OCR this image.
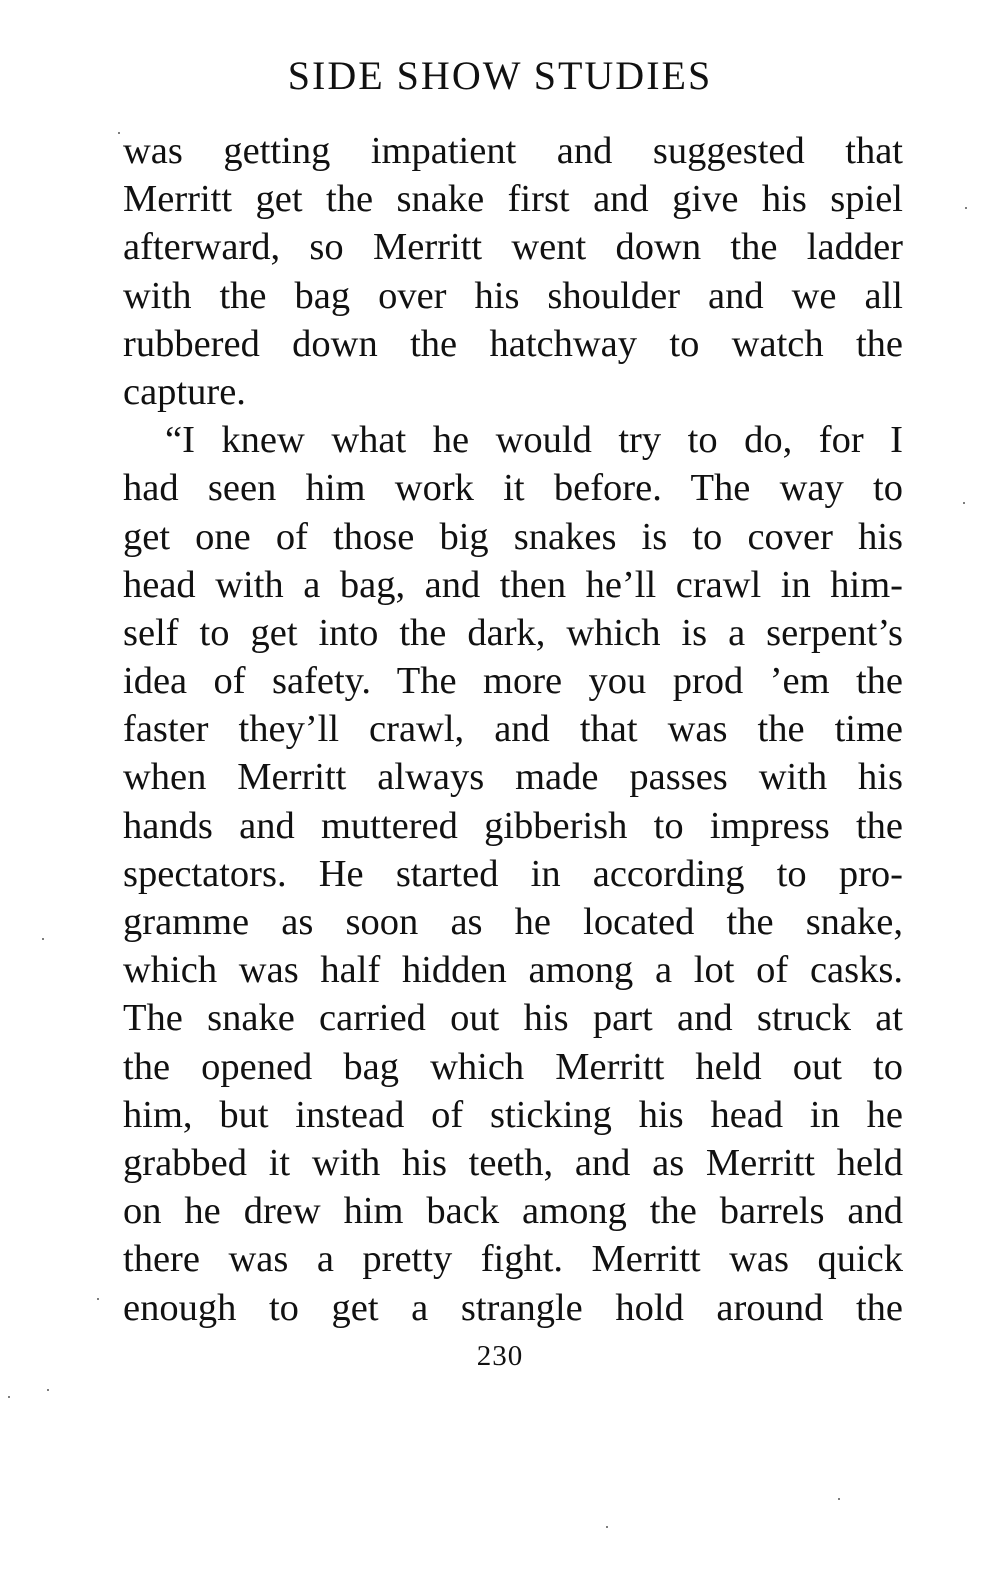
SIDE SHOW STUDIES
was getting impatient and suggested that
Merritt get the snake first and give his spiel
afterward, so Merritt went down the ladder
with the bag over his shoulder and we all
rubbered down the hatchway to watch the
capture.
“I knew what he would try to do, for I
had seen him work it before. The way to
get one of those big snakes is to cover his
head with a bag, and then he’ll crawl in him-
self to get into the dark, which is a serpent’s
idea of safety. The more you prod ’em the
faster they’ll crawl, and that was the time
when Merritt always made passes with his
hands and muttered gibberish to impress the
spectators. He started in according to pro-
gramme as soon as he located the snake,
which was half hidden among a lot of casks.
The snake carried out his part and struck at
the opened bag which Merritt held out to
him, but instead of sticking his head in he
grabbed it with his teeth, and as Merritt held
on he drew him back among the barrels and
there was a pretty fight. Merritt was quick
enough to get a strangle hold around the
230
